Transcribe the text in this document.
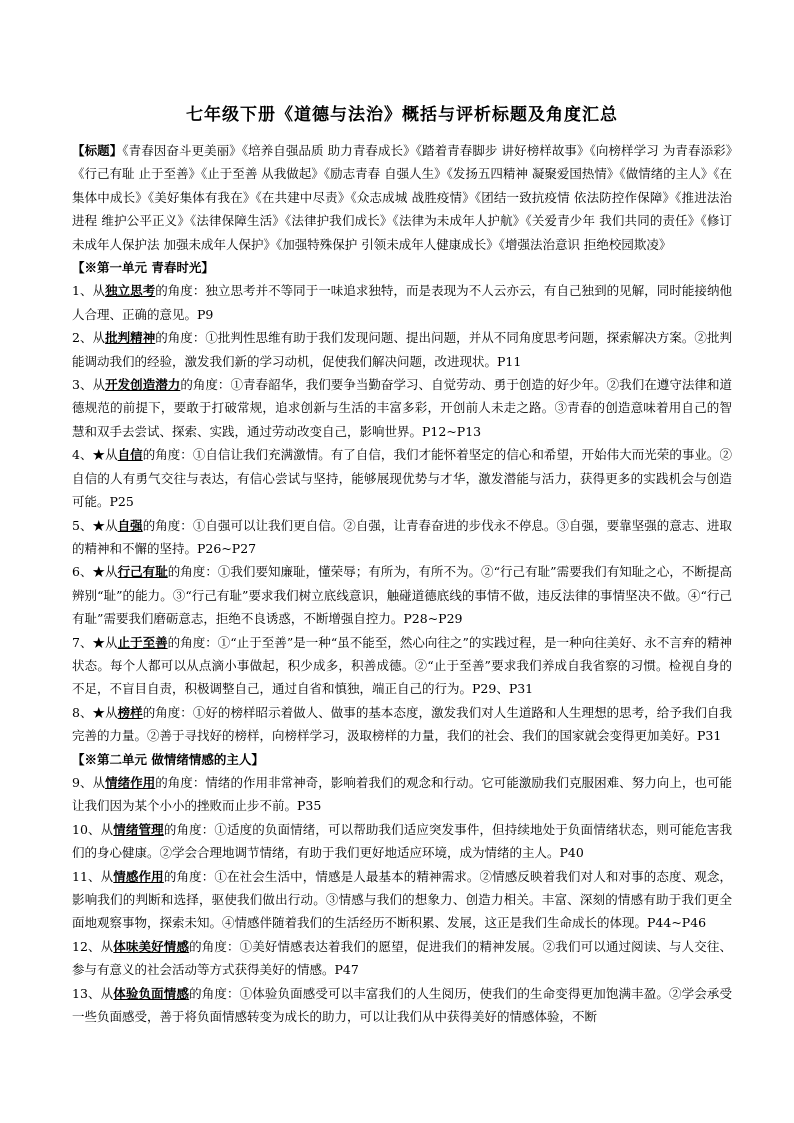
七年级下册《道德与法治》概括与评析标题及角度汇总

【标题】《青春因奋斗更美丽》《培养自强品质 助力青春成长》《踏着青春脚步 讲好榜样故事》《向榜样学习 为青春添彩》《行己有耻 止于至善》《止于至善 从我做起》《励志青春 自强人生》《发扬五四精神 凝聚爱国热情》《做情绪的主人》《在集体中成长》《美好集体有我在》《在共建中尽责》《众志成城 战胜疫情》《团结一致抗疫情 依法防控作保障》《推进法治进程 维护公平正义》《法律保障生活》《法律护我们成长》《法律为未成年人护航》《关爱青少年 我们共同的责任》《修订未成年人保护法 加强未成年人保护》《加强特殊保护 引领未成年人健康成长》《增强法治意识 拒绝校园欺凌》

【※第一单元 青春时光】

1、从独立思考的角度：独立思考并不等同于一味追求独特，而是表现为不人云亦云，有自己独到的见解，同时能接纳他人合理、正确的意见。P9

2、从批判精神的角度：①批判性思维有助于我们发现问题、提出问题，并从不同角度思考问题，探索解决方案。②批判能调动我们的经验，激发我们新的学习动机，促使我们解决问题，改进现状。P11

3、从开发创造潜力的角度：①青春韶华，我们要争当勤奋学习、自觉劳动、勇于创造的好少年。②我们在遵守法律和道德规范的前提下，要敢于打破常规，追求创新与生活的丰富多彩，开创前人未走之路。③青春的创造意味着用自己的智慧和双手去尝试、探索、实践，通过劳动改变自己，影响世界。P12~P13

4、★从自信的角度：①自信让我们充满激情。有了自信，我们才能怀着坚定的信心和希望，开始伟大而光荣的事业。②自信的人有勇气交往与表达，有信心尝试与坚持，能够展现优势与才华，激发潜能与活力，获得更多的实践机会与创造可能。P25

5、★从自强的角度：①自强可以让我们更自信。②自强，让青春奋进的步伐永不停息。③自强，要靠坚强的意志、进取的精神和不懈的坚持。P26~P27

6、★从行己有耻的角度：①我们要知廉耻，懂荣辱；有所为，有所不为。②“行己有耻”需要我们有知耻之心，不断提高辨别“耻”的能力。③“行己有耻”要求我们树立底线意识，触碰道德底线的事情不做，违反法律的事情坚决不做。④“行己有耻”需要我们磨砺意志，拒绝不良诱惑，不断增强自控力。P28~P29

7、★从止于至善的角度：①“止于至善”是一种“虽不能至，然心向往之”的实践过程，是一种向往美好、永不言弃的精神状态。每个人都可以从点滴小事做起，积少成多，积善成德。②“止于至善”要求我们养成自我省察的习惯。检视自身的不足，不盲目自责，积极调整自己，通过自省和慎独，端正自己的行为。P29、P31

8、★从榜样的角度：①好的榜样昭示着做人、做事的基本态度，激发我们对人生道路和人生理想的思考，给予我们自我完善的力量。②善于寻找好的榜样，向榜样学习，汲取榜样的力量，我们的社会、我们的国家就会变得更加美好。P31

【※第二单元 做情绪情感的主人】

9、从情绪作用的角度：情绪的作用非常神奇，影响着我们的观念和行动。它可能激励我们克服困难、努力向上，也可能让我们因为某个小小的挫败而止步不前。P35

10、从情绪管理的角度：①适度的负面情绪，可以帮助我们适应突发事件，但持续地处于负面情绪状态，则可能危害我们的身心健康。②学会合理地调节情绪，有助于我们更好地适应环境，成为情绪的主人。P40

11、从情感作用的角度：①在社会生活中，情感是人最基本的精神需求。②情感反映着我们对人和对事的态度、观念，影响我们的判断和选择，驱使我们做出行动。③情感与我们的想象力、创造力相关。丰富、深刻的情感有助于我们更全面地观察事物，探索未知。④情感伴随着我们的生活经历不断积累、发展，这正是我们生命成长的体现。P44~P46

12、从体味美好情感的角度：①美好情感表达着我们的愿望，促进我们的精神发展。②我们可以通过阅读、与人交往、参与有意义的社会活动等方式获得美好的情感。P47

13、从体验负面情感的角度：①体验负面感受可以丰富我们的人生阅历，使我们的生命变得更加饱满丰盈。②学会承受一些负面感受，善于将负面情感转变为成长的助力，可以让我们从中获得美好的情感体验，不断
